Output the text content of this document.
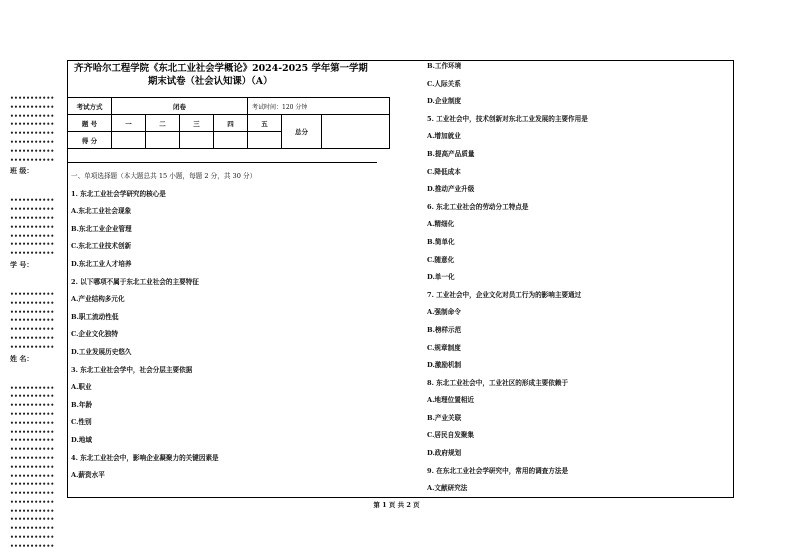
•••••••••••
•••••••••••
•••••••••••
•••••••••••
•••••••••••
•••••••••••
•••••••••••
•••••••••••
班 级：
•••••••••••
•••••••••••
•••••••••••
•••••••••••
•••••••••••
•••••••••••
•••••••••••
学 号：
•••••••••••
•••••••••••
•••••••••••
•••••••••••
•••••••••••
•••••••••••
•••••••••••
姓 名：
•••••••••••
•••••••••••
•••••••••••
•••••••••••
•••••••••••
•••••••••••
•••••••••••
•••••••••••
•••••••••••
•••••••••••
•••••••••••
•••••••••••
•••••••••••
•••••••••••
•••••••••••
•••••••••••
•••••••••••
•••••••••••
•••••••••••
齐齐哈尔工程学院《东北工业社会学概论》2024-2025 学年第一学期
期末试卷（社会认知课）（A）
考试方式	闭卷				考试时间：120 分钟		
题 号	一	二	三	四	五	总分	
得 分							
一、单项选择题（本大题总共 15 小题，每题 2 分，共 30 分）
1. 东北工业社会学研究的核心是
A.东北工业社会现象
B.东北工业企业管理
C.东北工业技术创新
D.东北工业人才培养
2. 以下哪项不属于东北工业社会的主要特征
A.产业结构多元化
B.职工流动性低
C.企业文化独特
D.工业发展历史悠久
3. 东北工业社会学中，社会分层主要依据
A.职业
B.年龄
C.性别
D.地域
4. 东北工业社会中，影响企业凝聚力的关键因素是
A.薪资水平
B.工作环境
C.人际关系
D.企业制度
5. 工业社会中，技术创新对东北工业发展的主要作用是
A.增加就业
B.提高产品质量
C.降低成本
D.推动产业升级
6. 东北工业社会的劳动分工特点是
A.精细化
B.简单化
C.随意化
D.单一化
7. 工业社会中，企业文化对员工行为的影响主要通过
A.强制命令
B.榜样示范
C.规章制度
D.激励机制
8. 东北工业社会中，工业社区的形成主要依赖于
A.地理位置相近
B.产业关联
C.居民自发聚集
D.政府规划
9. 在东北工业社会学研究中，常用的调查方法是
A.文献研究法
第 1 页 共 2 页
